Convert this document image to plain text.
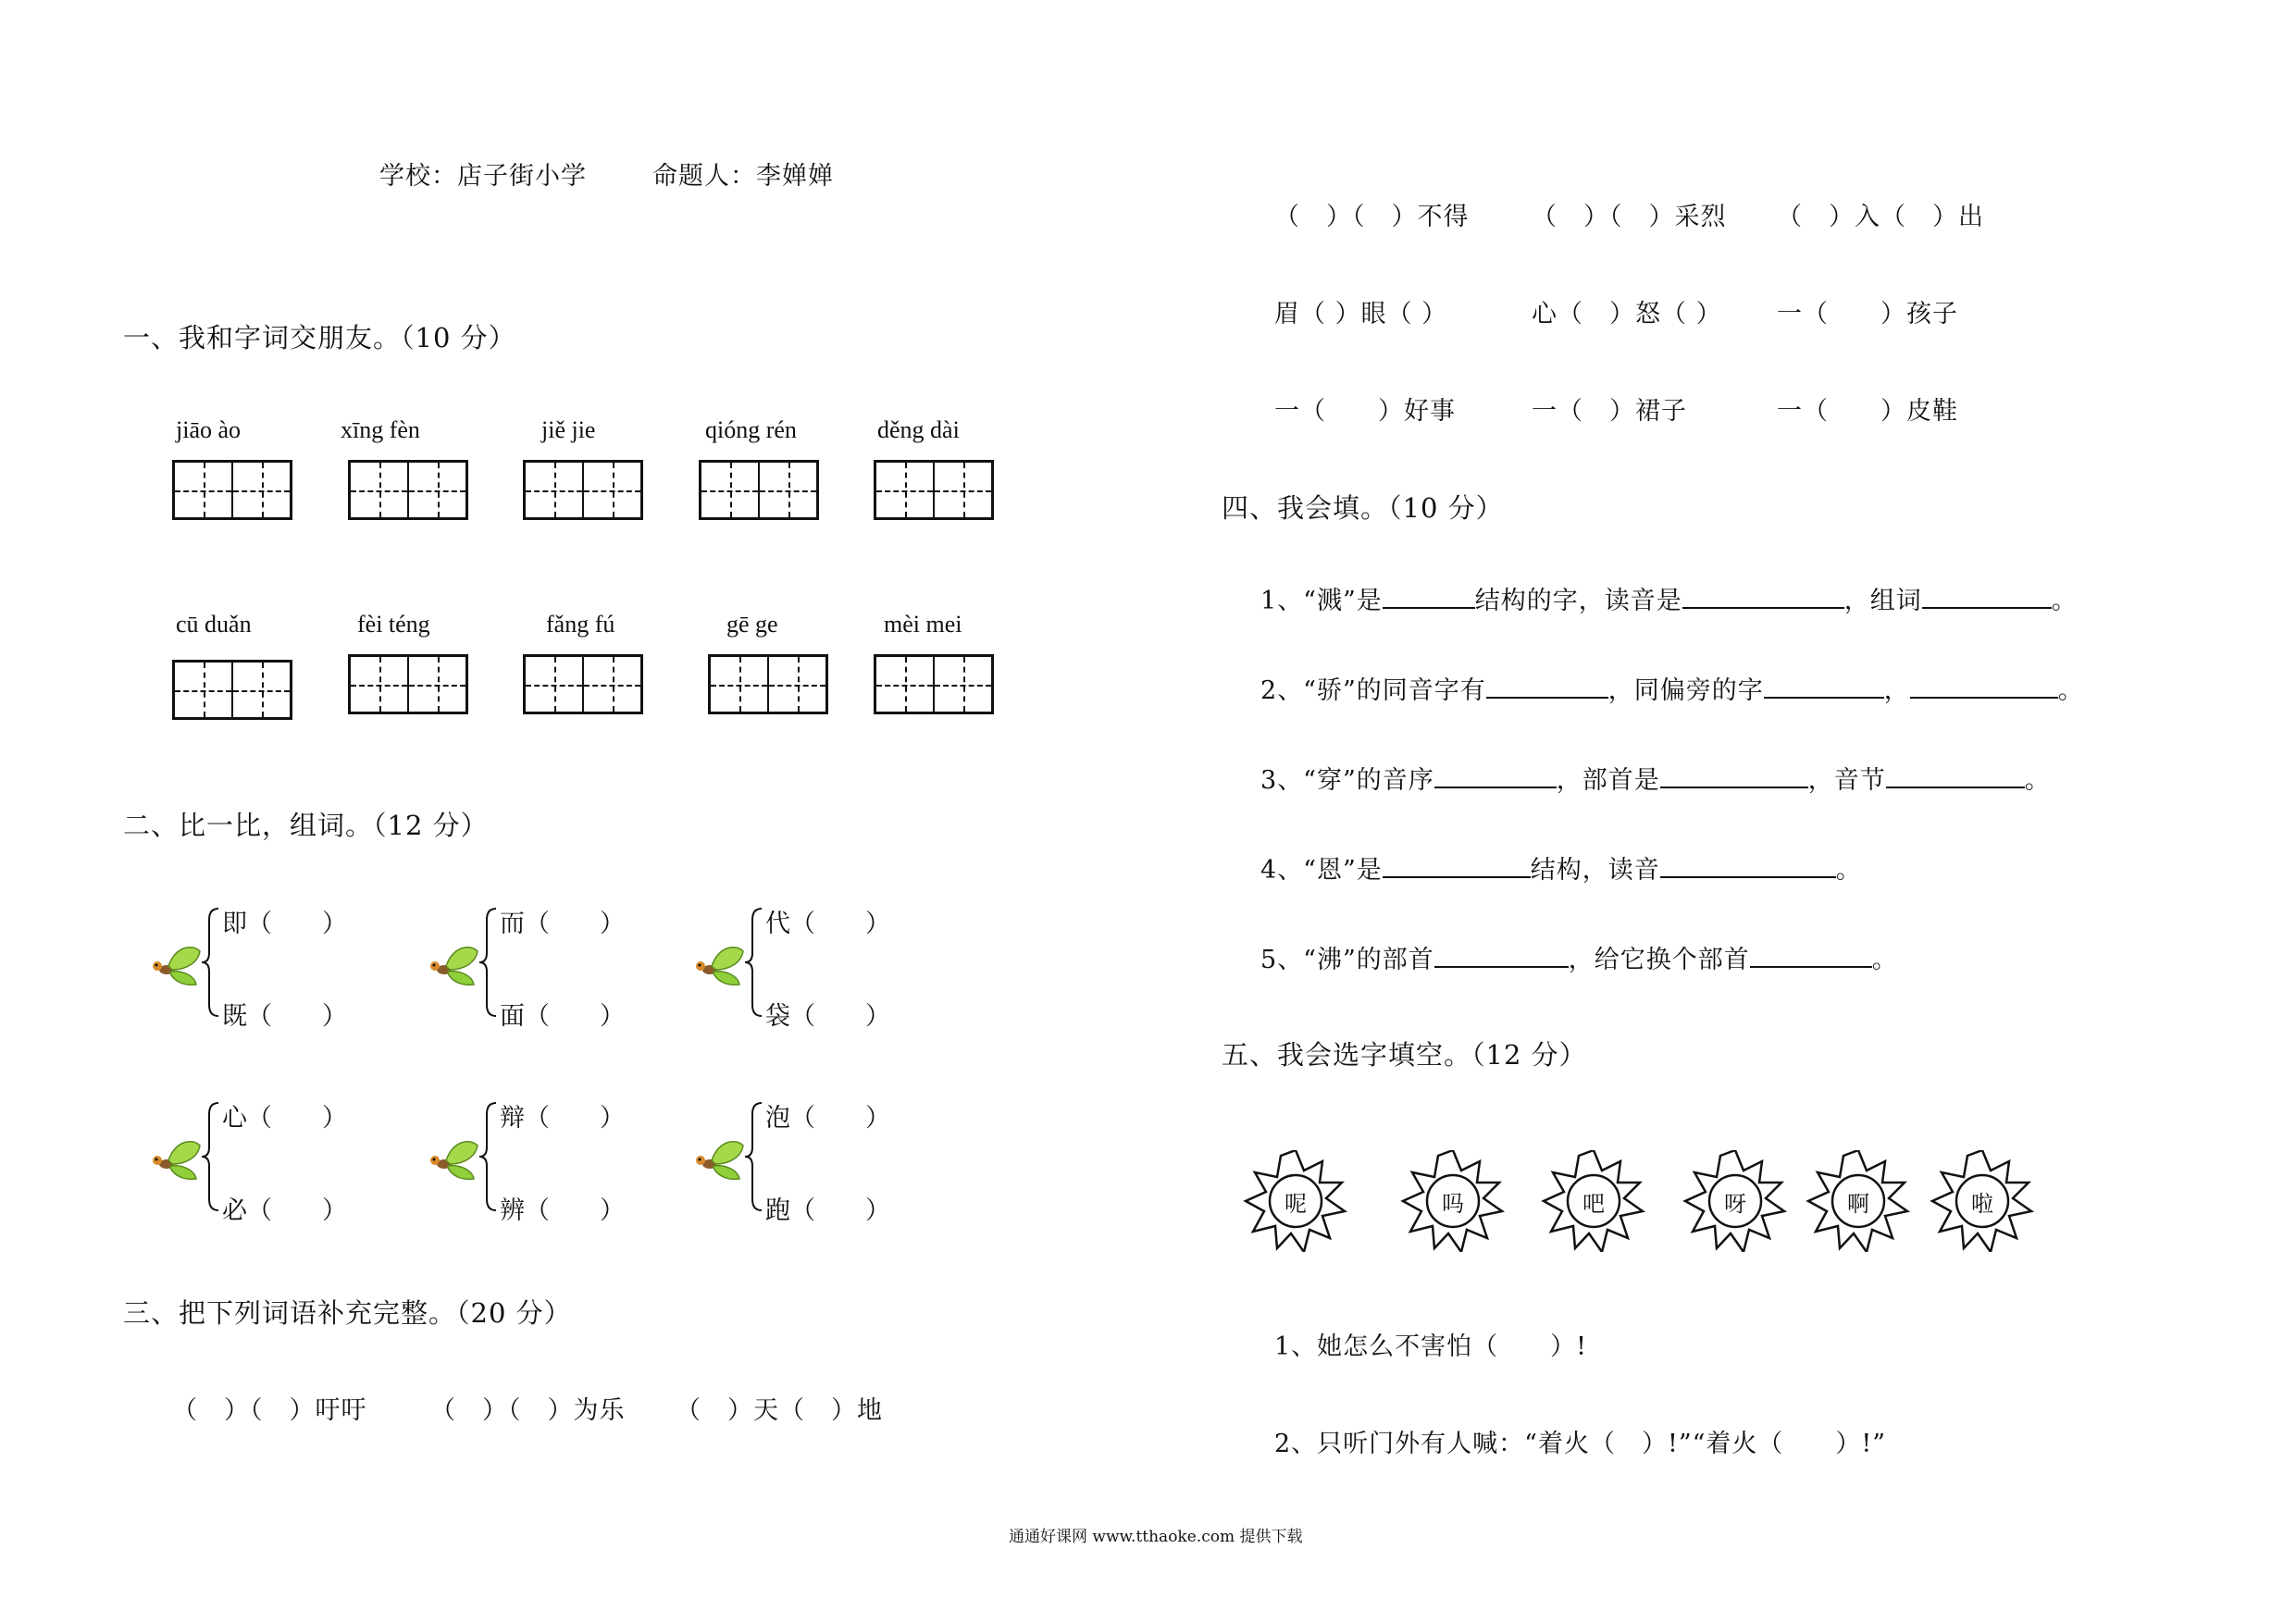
学校：店子街小学	命题人：李婵婵
一、我和字词交朋友。（10 分）
jiāo ào	xīng fèn	jiě jie	qióng rén	děng dài
cū duǎn	fèi téng	fǎng fú	gē ge	mèi mei
二、比一比，组词。（12 分）
即（　　）
既（　　）
而（　　）
面（　　）
代（　　）
袋（　　）
心（　　）
必（　　）
辩（　　）
辨（　　）
泡（　　）
跑（　　）
三、把下列词语补充完整。（20 分）
（　）（　）吁吁	（　）（　）为乐 （　）天（　）地
（　）（　）不得	（　）（　）采烈 （　）入（　）出
眉（ ）眼（ ）	心（　）怒（ ） 一（　　）孩子
一（　　）好事	一（　）裙子	一（　　）皮鞋
四、我会填。（10 分）
1、“溅”是	结构的字，读音是	，组词	。
2、“骄”的同音字有	，同偏旁的字	，	。
3、“穿”的音序	，部首是	，音节	。
4、“恩”是	结构，读音	。
5、“沸”的部首	，给它换个部首	。
五、我会选字填空。（12 分）
呢	吗	吧	呀	啊	啦
1、她怎么不害怕（　　）!
2、只听门外有人喊：“着火（　）!”“着火（　　）!”
通通好课网 www.tthaoke.com 提供下载
